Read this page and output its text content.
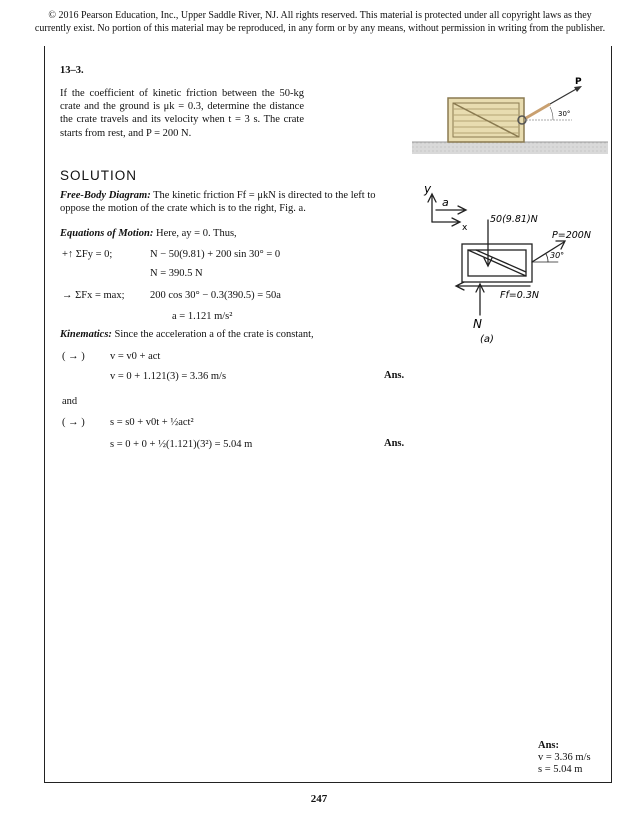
© 2016 Pearson Education, Inc., Upper Saddle River, NJ. All rights reserved. This material is protected under all copyright laws as they currently exist. No portion of this material may be reproduced, in any form or by any means, without permission in writing from the publisher.
13–3.
If the coefficient of kinetic friction between the 50-kg crate and the ground is μk = 0.3, determine the distance the crate travels and its velocity when t = 3 s. The crate starts from rest, and P = 200 N.
P
30°
SOLUTION
Free-Body Diagram: The kinetic friction Ff = μkN is directed to the left to oppose the motion of the crate which is to the right, Fig. a.
Equations of Motion: Here, ay = 0. Thus,
+↑ ΣFy = 0;	N − 50(9.81) + 200 sin 30° = 0
N = 390.5 N
→ ΣFx = max; 200 cos 30° − 0.3(390.5) = 50a
a = 1.121 m/s²
Kinematics: Since the acceleration a of the crate is constant,
( → ) v = v0 + act
v = 0 + 1.121(3) = 3.36 m/s	Ans.
and
( → ) s = s0 + v0t + ½act²
s = 0 + 0 + ½(1.121)(3²) = 5.04 m	Ans.
y
a
x
50(9.81)N
P=200N
30°
Ff=0.3N
N
(a)
Ans:
v = 3.36 m/s
s = 5.04 m
247
